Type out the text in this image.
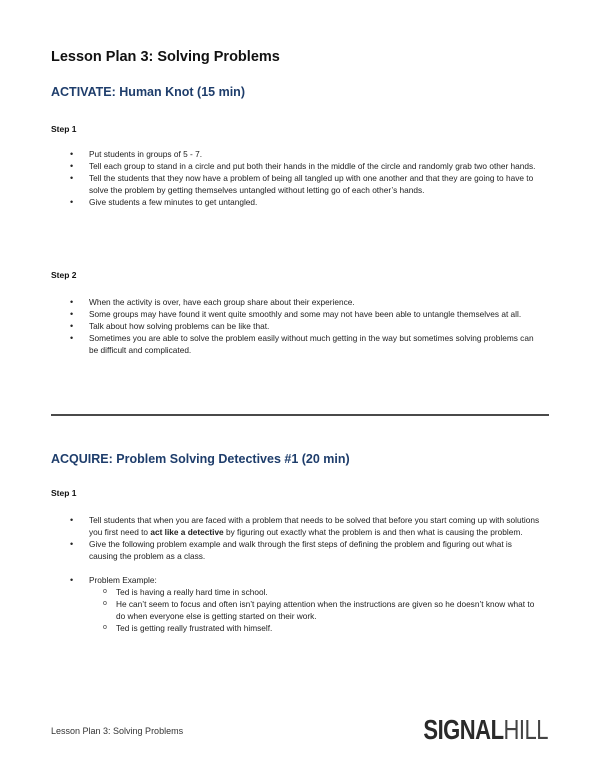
Lesson Plan 3: Solving Problems
ACTIVATE: Human Knot (15 min)
Step 1
• Put students in groups of 5 - 7.
• Tell each group to stand in a circle and put both their hands in the middle of the circle and randomly grab two other hands.
• Tell the students that they now have a problem of being all tangled up with one another and that they are going to have to solve the problem by getting themselves untangled without letting go of each other’s hands.
• Give students a few minutes to get untangled.
Step 2
• When the activity is over, have each group share about their experience.
• Some groups may have found it went quite smoothly and some may not have been able to untangle themselves at all.
• Talk about how solving problems can be like that.
• Sometimes you are able to solve the problem easily without much getting in the way but sometimes solving problems can be difficult and complicated.
ACQUIRE: Problem Solving Detectives #1 (20 min)
Step 1
• Tell students that when you are faced with a problem that needs to be solved that before you start coming up with solutions you first need to act like a detective by figuring out exactly what the problem is and then what is causing the problem.
• Give the following problem example and walk through the first steps of defining the problem and figuring out what is causing the problem as a class.
• Problem Example:
o Ted is having a really hard time in school.
o He can’t seem to focus and often isn’t paying attention when the instructions are given so he doesn’t know what to do when everyone else is getting started on their work.
o Ted is getting really frustrated with himself.
Lesson Plan 3: Solving Problems	SIGNALHILL
